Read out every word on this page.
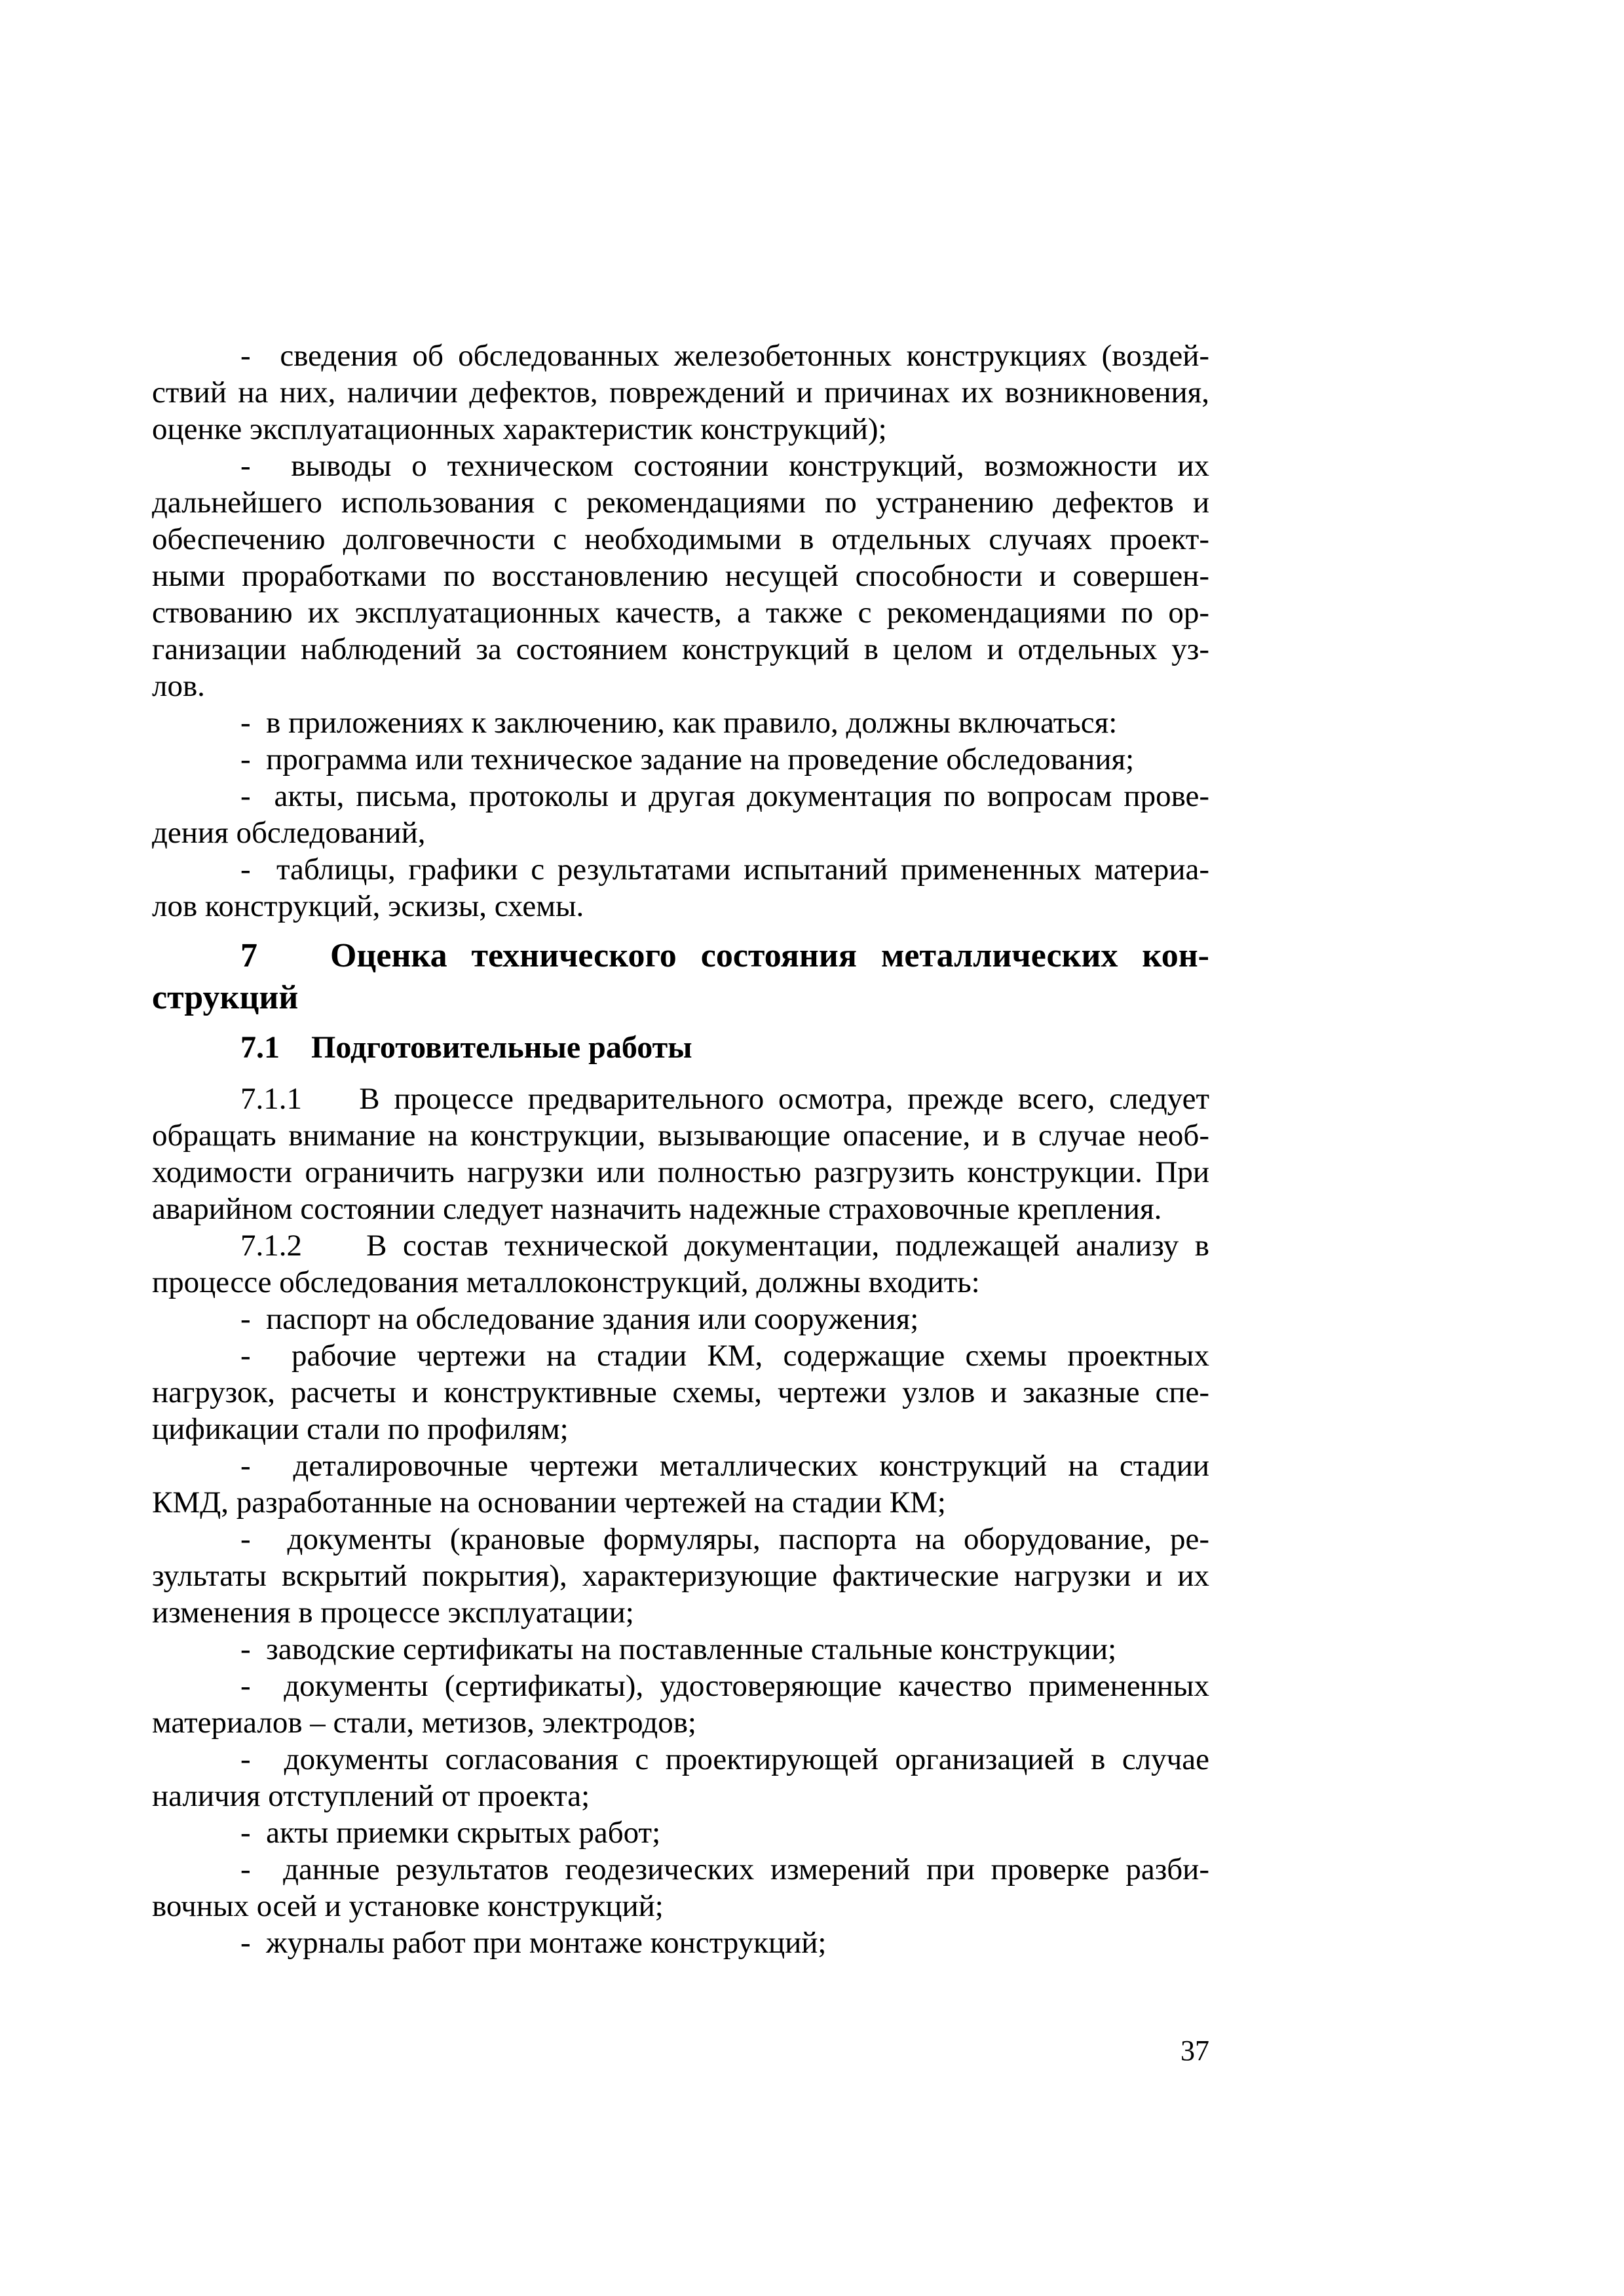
-  сведения об обследованных железобетонных конструкциях (воздей-
ствий на них, наличии дефектов, повреждений и причинах их возникновения,
оценке эксплуатационных характеристик конструкций);
-  выводы о техническом состоянии конструкций, возможности их
дальнейшего использования с рекомендациями по устранению дефектов и
обеспечению долговечности с необходимыми в отдельных случаях проект-
ными проработками по восстановлению несущей способности и совершен-
ствованию их эксплуатационных качеств, а также с рекомендациями по ор-
ганизации наблюдений за состоянием конструкций в целом и отдельных уз-
лов.
-  в приложениях к заключению, как правило, должны включаться:
-  программа или техническое задание на проведение обследования;
-  акты, письма, протоколы и другая документация по вопросам прове-
дения обследований,
-  таблицы, графики с результатами испытаний примененных материа-
лов конструкций, эскизы, схемы.
7   Оценка технического состояния металлических кон-
струкций
7.1    Подготовительные работы
7.1.1    В процессе предварительного осмотра, прежде всего, следует
обращать внимание на конструкции, вызывающие опасение, и в случае необ-
ходимости ограничить нагрузки или полностью разгрузить конструкции. При
аварийном состоянии следует назначить надежные страховочные крепления.
7.1.2    В состав технической документации, подлежащей анализу в
процессе обследования металлоконструкций, должны входить:
-  паспорт на обследование здания или сооружения;
-  рабочие чертежи на стадии КМ, содержащие схемы проектных
нагрузок, расчеты и конструктивные схемы, чертежи узлов и заказные спе-
цификации стали по профилям;
-  деталировочные чертежи металлических конструкций на стадии
КМД, разработанные на основании чертежей на стадии КМ;
-  документы (крановые формуляры, паспорта на оборудование, ре-
зультаты вскрытий покрытия), характеризующие фактические нагрузки и их
изменения в процессе эксплуатации;
-  заводские сертификаты на поставленные стальные конструкции;
-  документы (сертификаты), удостоверяющие качество примененных
материалов – стали, метизов, электродов;
-  документы согласования с проектирующей организацией в случае
наличия отступлений от проекта;
-  акты приемки скрытых работ;
-  данные результатов геодезических измерений при проверке разби-
вочных осей и установке конструкций;
-  журналы работ при монтаже конструкций;
37
